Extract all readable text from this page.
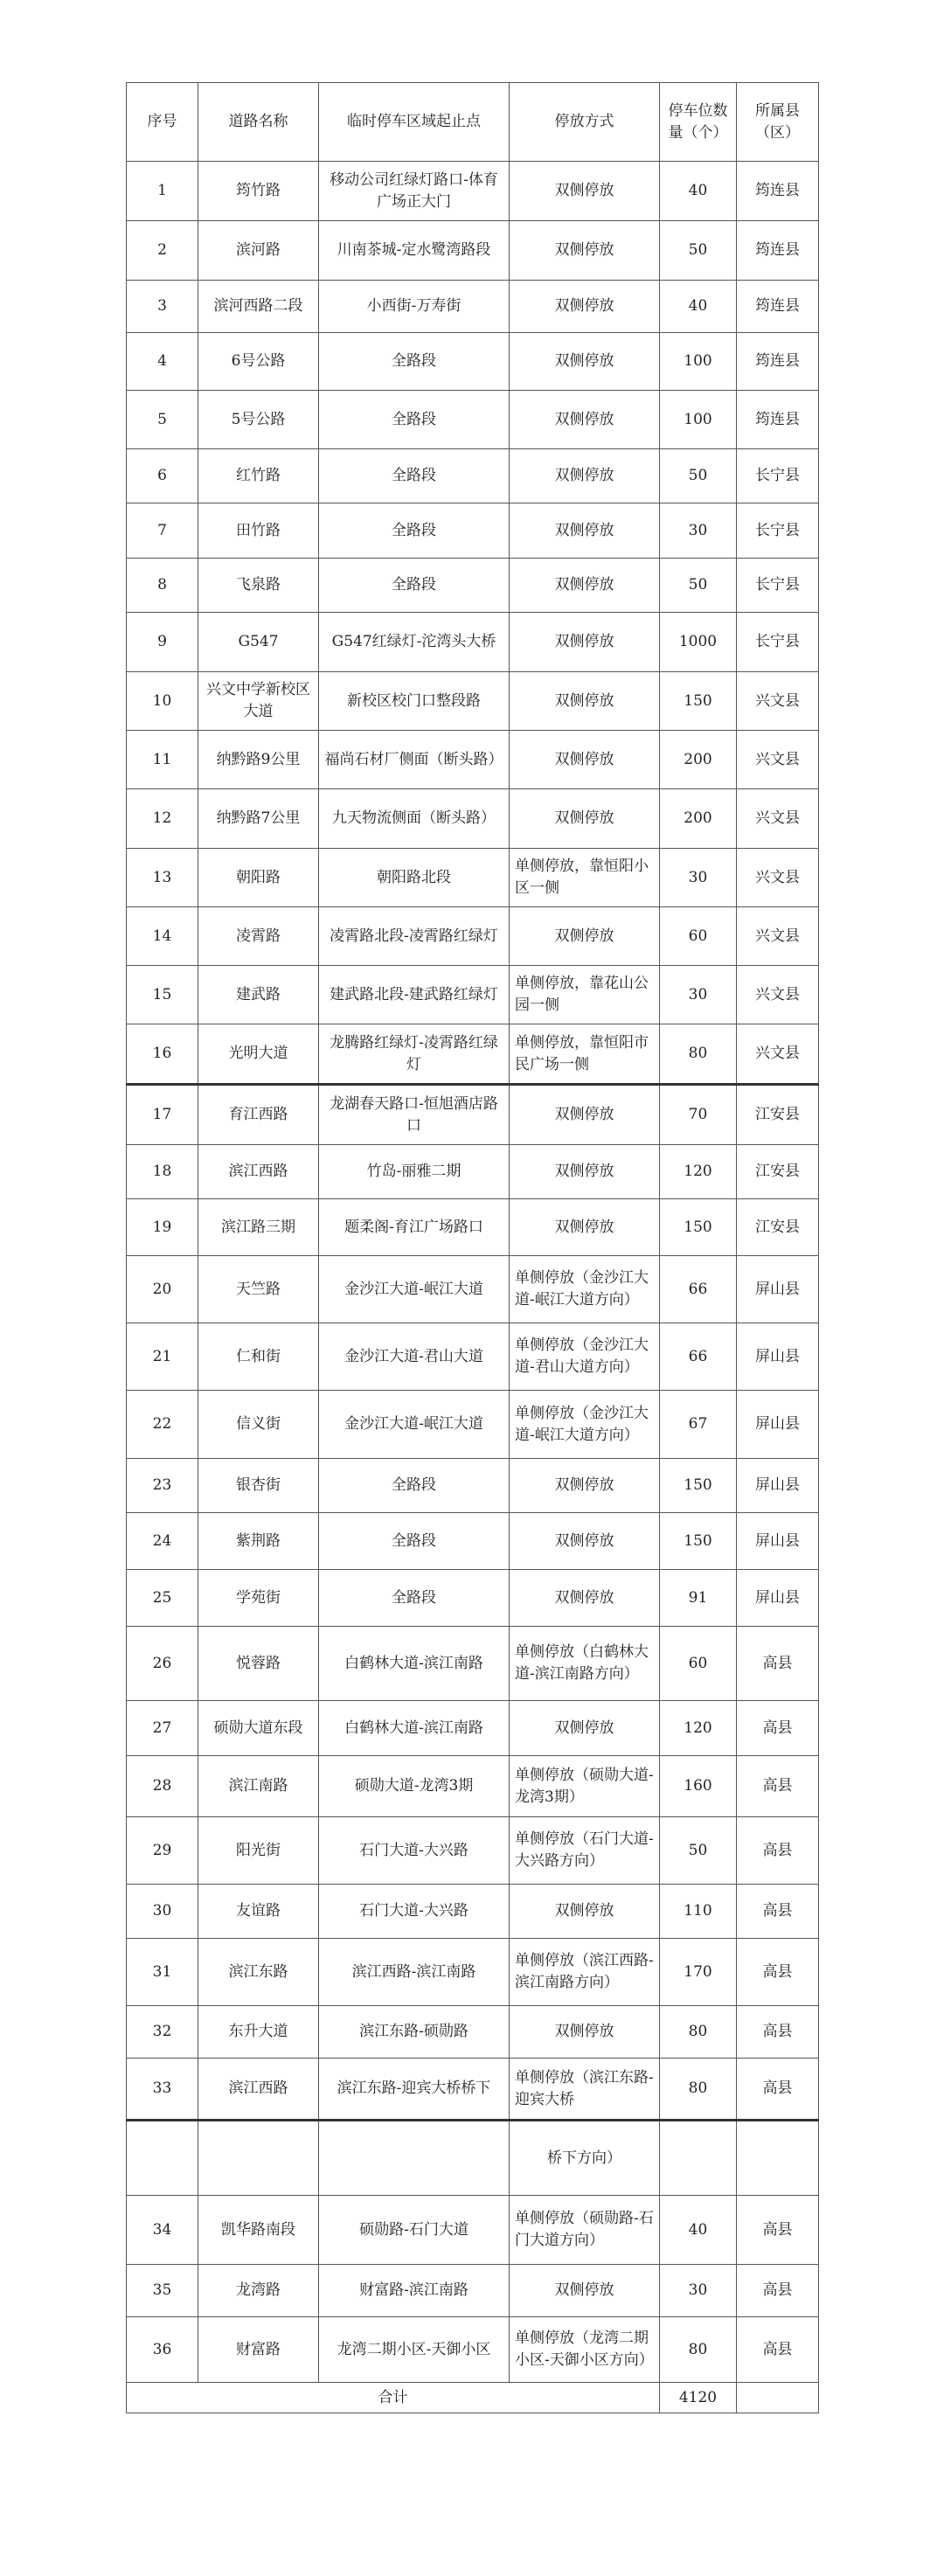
序号	道路名称	临时停车区域起止点	停放方式	停车位数量（个）	所属县（区）
1	筠竹路	移动公司红绿灯路口-体育广场正大门	双侧停放	40	筠连县
2	滨河路	川南茶城-定水鹭湾路段	双侧停放	50	筠连县
3	滨河西路二段	小西街-万寿街	双侧停放	40	筠连县
4	6号公路	全路段	双侧停放	100	筠连县
5	5号公路	全路段	双侧停放	100	筠连县
6	红竹路	全路段	双侧停放	50	长宁县
7	田竹路	全路段	双侧停放	30	长宁县
8	飞泉路	全路段	双侧停放	50	长宁县
9	G547	G547红绿灯-沱湾头大桥	双侧停放	1000	长宁县
10	兴文中学新校区大道	新校区校门口整段路	双侧停放	150	兴文县
11	纳黔路9公里	福尚石材厂侧面（断头路）	双侧停放	200	兴文县
12	纳黔路7公里	九天物流侧面（断头路）	双侧停放	200	兴文县
13	朝阳路	朝阳路北段	单侧停放，靠恒阳小区一侧	30	兴文县
14	凌霄路	凌霄路北段-凌霄路红绿灯	双侧停放	60	兴文县
15	建武路	建武路北段-建武路红绿灯	单侧停放，靠花山公园一侧	30	兴文县
16	光明大道	龙腾路红绿灯-凌霄路红绿灯	单侧停放，靠恒阳市民广场一侧	80	兴文县
17	育江西路	龙湖春天路口-恒旭酒店路口	双侧停放	70	江安县
18	滨江西路	竹岛-丽雅二期	双侧停放	120	江安县
19	滨江路三期	题柔阁-育江广场路口	双侧停放	150	江安县
20	天竺路	金沙江大道-岷江大道	单侧停放（金沙江大道-岷江大道方向）	66	屏山县
21	仁和街	金沙江大道-君山大道	单侧停放（金沙江大道-君山大道方向）	66	屏山县
22	信义街	金沙江大道-岷江大道	单侧停放（金沙江大道-岷江大道方向）	67	屏山县
23	银杏街	全路段	双侧停放	150	屏山县
24	紫荆路	全路段	双侧停放	150	屏山县
25	学苑街	全路段	双侧停放	91	屏山县
26	悦蓉路	白鹤林大道-滨江南路	单侧停放（白鹤林大道-滨江南路方向）	60	高县
27	硕勋大道东段	白鹤林大道-滨江南路	双侧停放	120	高县
28	滨江南路	硕勋大道-龙湾3期	单侧停放（硕勋大道-龙湾3期）	160	高县
29	阳光街	石门大道-大兴路	单侧停放（石门大道-大兴路方向）	50	高县
30	友谊路	石门大道-大兴路	双侧停放	110	高县
31	滨江东路	滨江西路-滨江南路	单侧停放（滨江西路-滨江南路方向）	170	高县
32	东升大道	滨江东路-硕勋路	双侧停放	80	高县
33	滨江西路	滨江东路-迎宾大桥桥下	单侧停放（滨江东路-迎宾大桥	80	高县
			桥下方向）		
34	凯华路南段	硕勋路-石门大道	单侧停放（硕勋路-石门大道方向）	40	高县
35	龙湾路	财富路-滨江南路	双侧停放	30	高县
36	财富路	龙湾二期小区-天御小区	单侧停放（龙湾二期小区-天御小区方向）	80	高县
合计				4120	
